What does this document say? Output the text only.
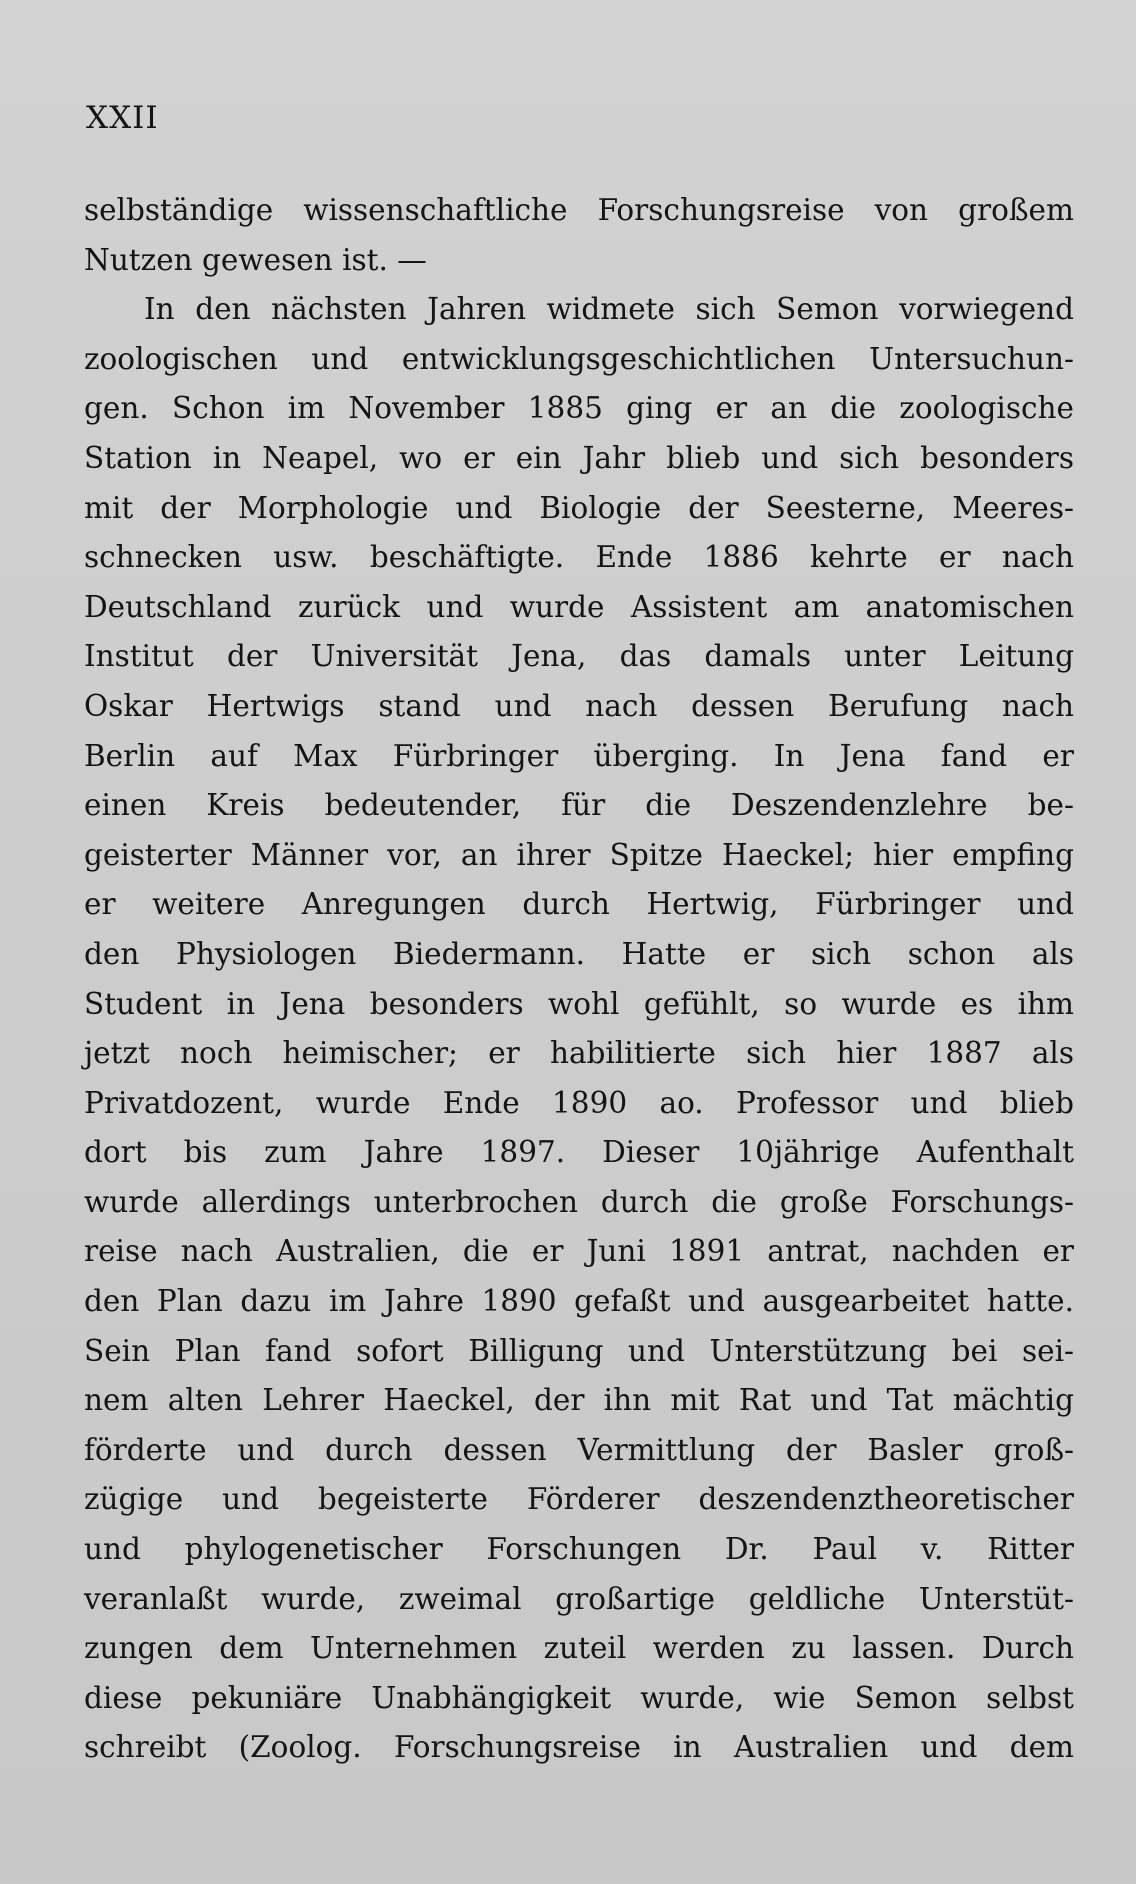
XXII
selbständige wissenschaftliche Forschungsreise von großem
Nutzen gewesen ist. —
In den nächsten Jahren widmete sich Semon vorwiegend
zoologischen und entwicklungsgeschichtlichen Untersuchun-
gen. Schon im November 1885 ging er an die zoologische
Station in Neapel, wo er ein Jahr blieb und sich besonders
mit der Morphologie und Biologie der Seesterne, Meeres-
schnecken usw. beschäftigte. Ende 1886 kehrte er nach
Deutschland zurück und wurde Assistent am anatomischen
Institut der Universität Jena, das damals unter Leitung
Oskar Hertwigs stand und nach dessen Berufung nach
Berlin auf Max Fürbringer überging. In Jena fand er
einen Kreis bedeutender, für die Deszendenzlehre be-
geisterter Männer vor, an ihrer Spitze Haeckel; hier empfing
er weitere Anregungen durch Hertwig, Fürbringer und
den Physiologen Biedermann. Hatte er sich schon als
Student in Jena besonders wohl gefühlt, so wurde es ihm
jetzt noch heimischer; er habilitierte sich hier 1887 als
Privatdozent, wurde Ende 1890 ao. Professor und blieb
dort bis zum Jahre 1897. Dieser 10jährige Aufenthalt
wurde allerdings unterbrochen durch die große Forschungs-
reise nach Australien, die er Juni 1891 antrat, nachden er
den Plan dazu im Jahre 1890 gefaßt und ausgearbeitet hatte.
Sein Plan fand sofort Billigung und Unterstützung bei sei-
nem alten Lehrer Haeckel, der ihn mit Rat und Tat mächtig
förderte und durch dessen Vermittlung der Basler groß-
zügige und begeisterte Förderer deszendenztheoretischer
und phylogenetischer Forschungen Dr. Paul v. Ritter
veranlaßt wurde, zweimal großartige geldliche Unterstüt-
zungen dem Unternehmen zuteil werden zu lassen. Durch
diese pekuniäre Unabhängigkeit wurde, wie Semon selbst
schreibt (Zoolog. Forschungsreise in Australien und dem
